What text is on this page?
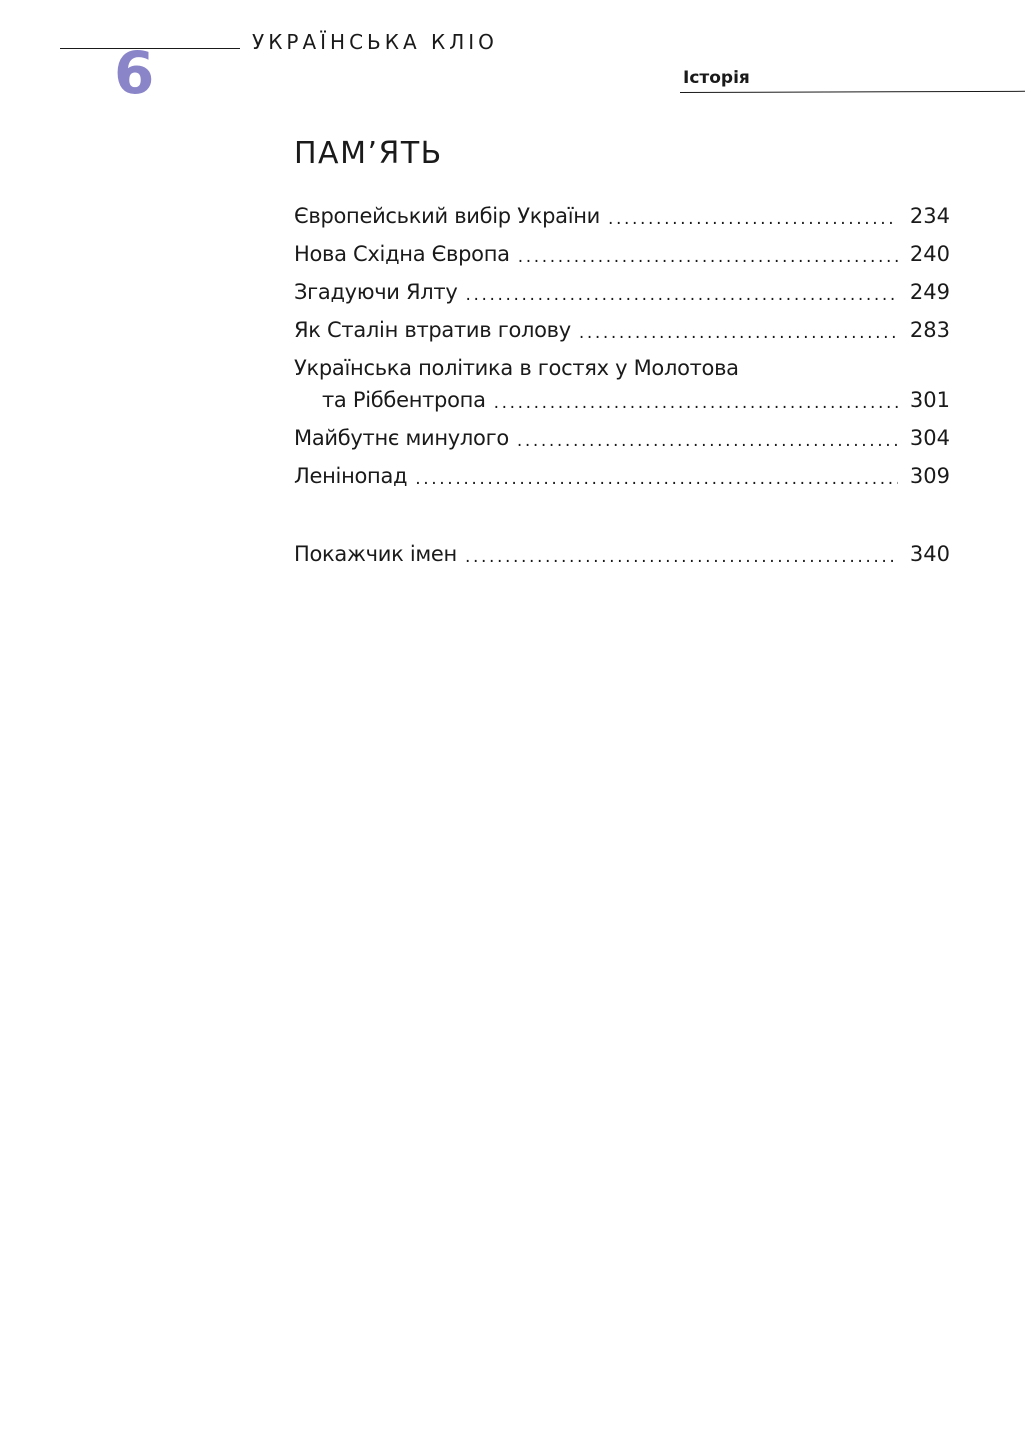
УКРАЇНСЬКА КЛІО
6	Історія
ПАМ’ЯТЬ
Європейський вибір України . . .	234
Нова Східна Європа . . .	240
Згадуючи Ялту . . .	249
Як Сталін втратив голову . . .	283
Українська політика в гостях у Молотова
та Ріббентропа . . .	301
Майбутнє минулого . . .	304
Ленінопад . . .	309
Покажчик імен . . .	340
